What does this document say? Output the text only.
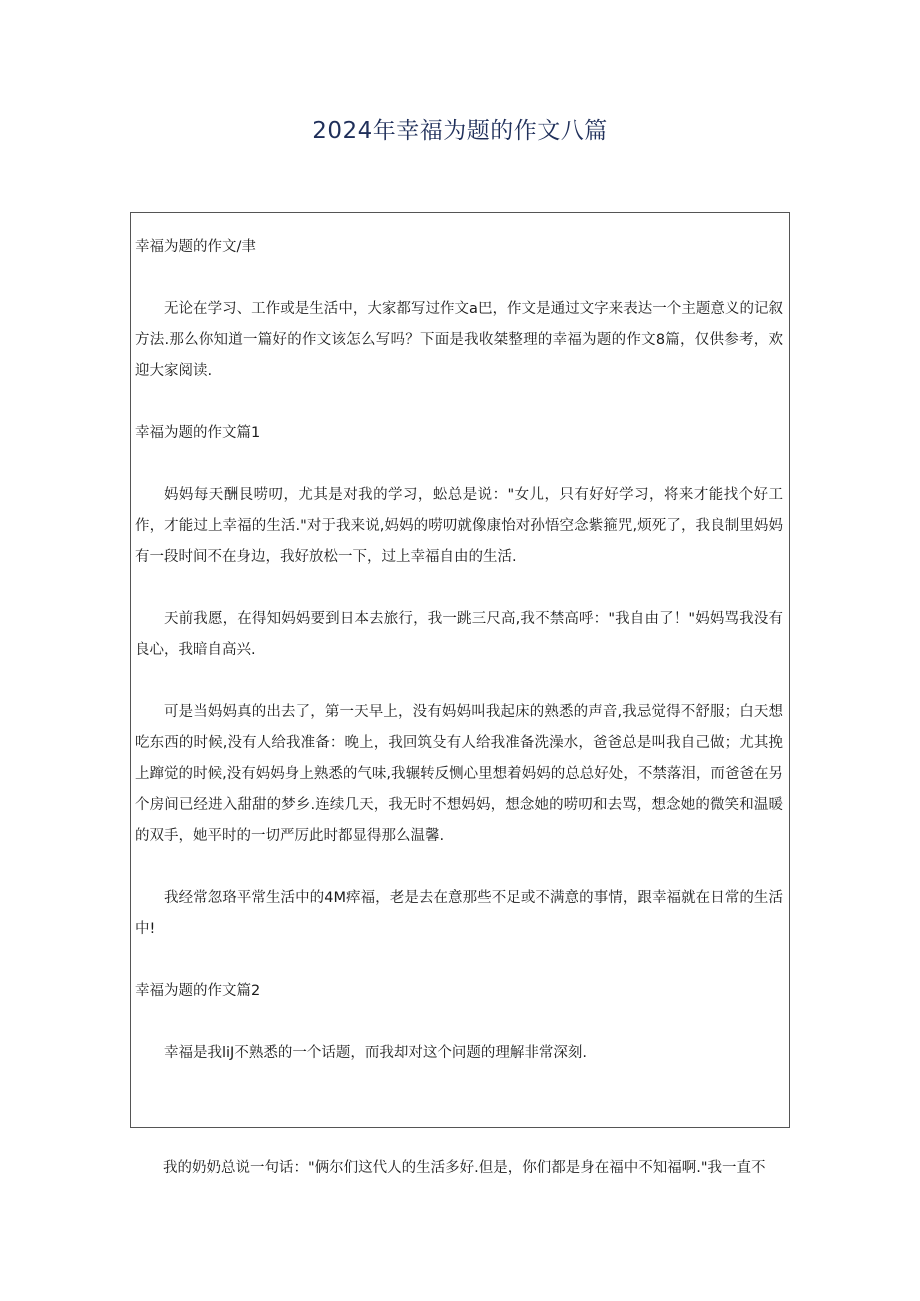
2024年幸福为题的作文八篇

幸福为题的作文/聿

无论在学习、工作或是生活中，大家都写过作文a巴，作文是通过文字来表达一个主题意义的记叙方法.那么你知道一篇好的作文该怎么写吗？下面是我收桀整理的幸福为题的作文8篇，仅供参考，欢迎大家阅读.

幸福为题的作文篇1

妈妈每天酬艮唠叨，尤其是对我的学习，蚣总是说："女儿，只有好好学习，将来才能找个好工作，才能过上幸福的生活."对于我来说,妈妈的唠叨就像康怡对孙悟空念紫箍咒,烦死了，我良制里妈妈有一段时间不在身边，我好放松一下，过上幸福自由的生活.

天前我愿，在得知妈妈要到日本去旅行，我一跳三尺高,我不禁高呼："我自由了！"妈妈骂我没有良心，我暗自高兴.

可是当妈妈真的出去了，第一天早上，没有妈妈叫我起床的熟悉的声音,我忌觉得不舒服；白天想吃东西的时候,没有人给我准备：晚上，我回筑殳有人给我准备洗澡水，爸爸总是叫我自己做；尤其挽上蹿觉的时候,没有妈妈身上熟悉的气味,我辗转反恻心里想着妈妈的总总好处，不禁落泪，而爸爸在另个房间已经进入甜甜的梦乡.连续几天，我无时不想妈妈，想念她的唠叨和去骂，想念她的微笑和温暖的双手，她平时的一切严厉此时都显得那么温馨.

我经常忽珞平常生活中的4M瘁福，老是去在意那些不足或不满意的事情，跟幸福就在日常的生活中!

幸福为题的作文篇2

幸福是我liJ不熟悉的一个话题，而我却对这个问题的理解非常深刻.

我的奶奶总说一句话："俩尔们这代人的生活多好.但是，你们都是身在福中不知福啊."我一直不
